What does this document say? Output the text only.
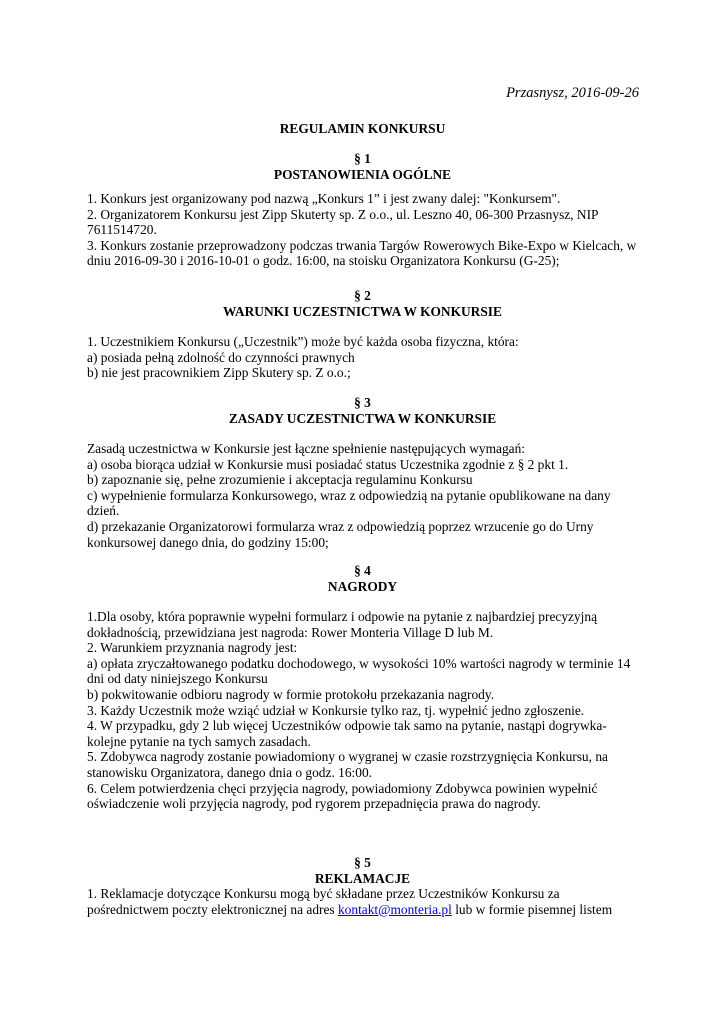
Przasnysz, 2016-09-26
REGULAMIN KONKURSU
§ 1
POSTANOWIENIA OGÓLNE
1. Konkurs jest organizowany pod nazwą „Konkurs 1” i jest zwany dalej: "Konkursem".
2. Organizatorem Konkursu jest Zipp Skuterty sp. Z o.o., ul. Leszno 40, 06-300 Przasnysz, NIP
7611514720.
3. Konkurs zostanie przeprowadzony podczas trwania Targów Rowerowych Bike-Expo w Kielcach, w
dniu 2016-09-30 i 2016-10-01 o godz. 16:00, na stoisku Organizatora Konkursu (G-25);
§ 2
WARUNKI UCZESTNICTWA W KONKURSIE
1. Uczestnikiem Konkursu („Uczestnik”) może być każda osoba fizyczna, która:
a) posiada pełną zdolność do czynności prawnych
b) nie jest pracownikiem Zipp Skutery sp. Z o.o.;
§ 3
ZASADY UCZESTNICTWA W KONKURSIE
Zasadą uczestnictwa w Konkursie jest łączne spełnienie następujących wymagań:
a) osoba biorąca udział w Konkursie musi posiadać status Uczestnika zgodnie z § 2 pkt 1.
b) zapoznanie się, pełne zrozumienie i akceptacja regulaminu Konkursu
c) wypełnienie formularza Konkursowego, wraz z odpowiedzią na pytanie opublikowane na dany
dzień.
d) przekazanie Organizatorowi formularza wraz z odpowiedzią poprzez wrzucenie go do Urny
konkursowej danego dnia, do godziny 15:00;
§ 4
NAGRODY
1.Dla osoby, która poprawnie wypełni formularz i odpowie na pytanie z najbardziej precyzyjną
dokładnością, przewidziana jest nagroda: Rower Monteria Village D lub M.
2. Warunkiem przyznania nagrody jest:
a) opłata zryczałtowanego podatku dochodowego, w wysokości 10% wartości nagrody w terminie 14
dni od daty niniejszego Konkursu
b) pokwitowanie odbioru nagrody w formie protokołu przekazania nagrody.
3. Każdy Uczestnik może wziąć udział w Konkursie tylko raz, tj. wypełnić jedno zgłoszenie.
4. W przypadku, gdy 2 lub więcej Uczestników odpowie tak samo na pytanie, nastąpi dogrywka-
kolejne pytanie na tych samych zasadach.
5. Zdobywca nagrody zostanie powiadomiony o wygranej w czasie rozstrzygnięcia Konkursu, na
stanowisku Organizatora, danego dnia o godz. 16:00.
6. Celem potwierdzenia chęci przyjęcia nagrody, powiadomiony Zdobywca powinien wypełnić
oświadczenie woli przyjęcia nagrody, pod rygorem przepadnięcia prawa do nagrody.
§ 5
REKLAMACJE
1. Reklamacje dotyczące Konkursu mogą być składane przez Uczestników Konkursu za
pośrednictwem poczty elektronicznej na adres kontakt@monteria.pl lub w formie pisemnej listem
